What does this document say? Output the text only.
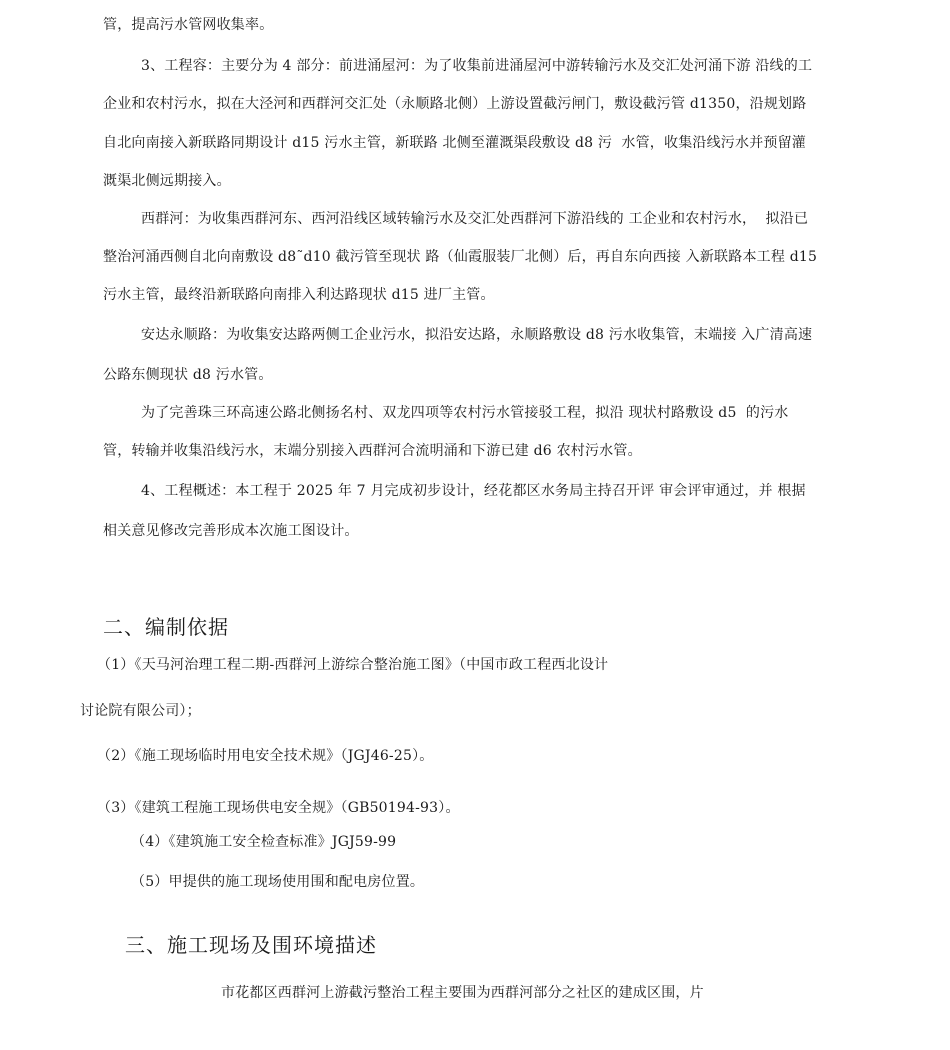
管，提高污水管网收集率。

3、工程容：主要分为 4 部分：前进涌屋河：为了收集前进涌屋河中游转输污水及交汇处河涌下游 沿线的工

企业和农村污水，拟在大泾河和西群河交汇处（永顺路北侧）上游设置截污闸门，敷设截污管 d1350，沿规划路

自北向南接入新联路同期设计 d15 污水主管，新联路 北侧至灌溉渠段敷设 d8 污  水管，收集沿线污水并预留灌

溉渠北侧远期接入。

西群河：为收集西群河东、西河沿线区域转输污水及交汇处西群河下游沿线的 工企业和农村污水，  拟沿已

整治河涌西侧自北向南敷设 d8˜d10 截污管至现状 路（仙霞服装厂北侧）后，再自东向西接 入新联路本工程 d15

污水主管，最终沿新联路向南排入利达路现状 d15 进厂主管。

安达永顺路：为收集安达路两侧工企业污水，拟沿安达路，永顺路敷设 d8 污水收集管，末端接 入广清高速

公路东侧现状 d8 污水管。

为了完善珠三环高速公路北侧扬名村、双龙四项等农村污水管接驳工程，拟沿 现状村路敷设 d5  的污水

管，转输并收集沿线污水，末端分别接入西群河合流明涌和下游已建 d6 农村污水管。

4、工程概述：本工程于 2025 年 7 月完成初步设计，经花都区水务局主持召开评 审会评审通过，并 根据

相关意见修改完善形成本次施工图设计。

二、编制依据

（1）《天马河治理工程二期-西群河上游综合整治施工图》（中国市政工程西北设计

讨论院有限公司）；

（2）《施工现场临时用电安全技术规》（JGJ46-25）。

（3）《建筑工程施工现场供电安全规》（GB50194-93）。

（4）《建筑施工安全检查标准》JGJ59-99

（5）甲提供的施工现场使用围和配电房位置。

三、施工现场及围环境描述

市花都区西群河上游截污整治工程主要围为西群河部分之社区的建成区围，片
